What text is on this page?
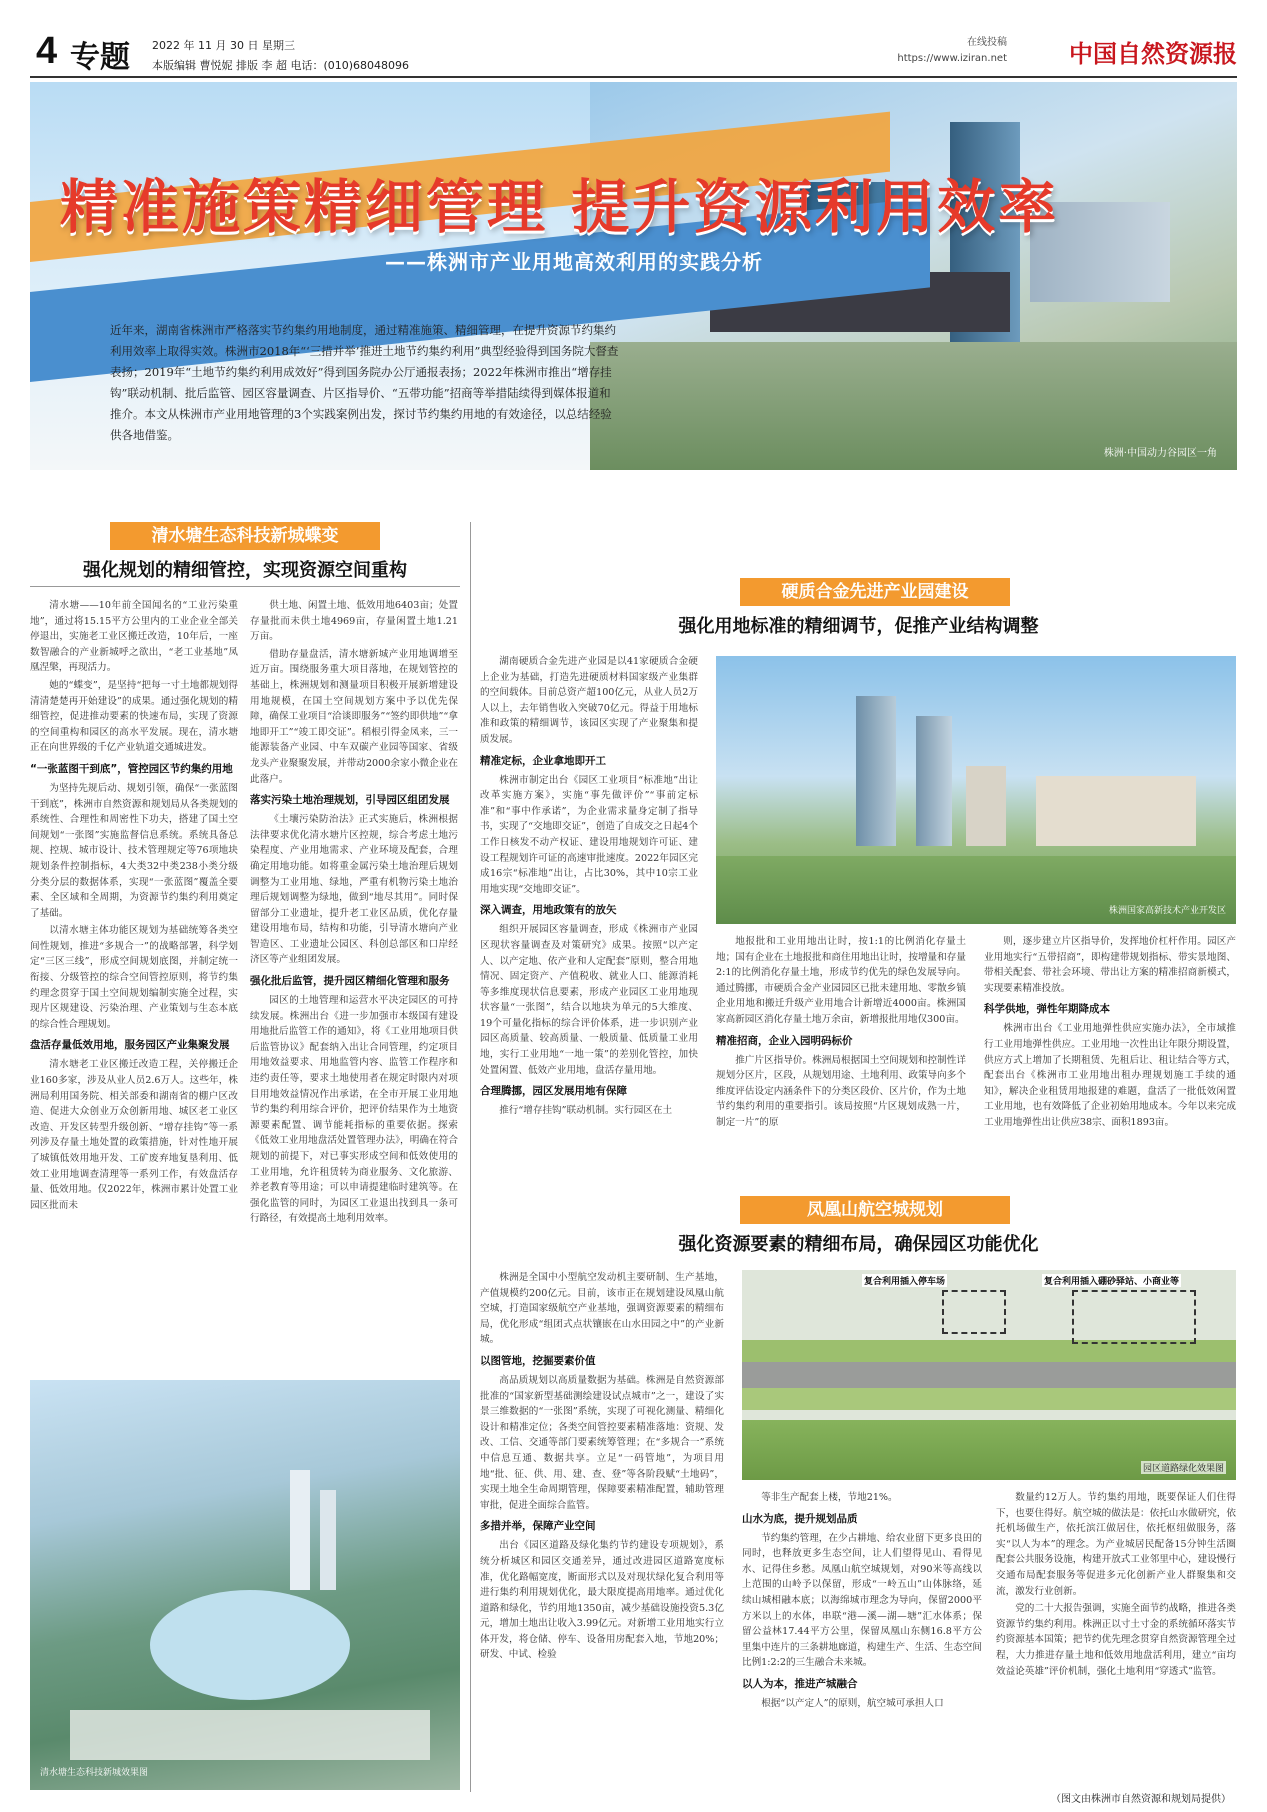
4 专题 2022 年 11 月 30 日 星期三
本版编辑 曹悦妮 排版 李 超 电话：(010)68048096
在线投稿
https://www.iziran.net	中国自然资源报
精准施策精细管理 提升资源利用效率
——株洲市产业用地高效利用的实践分析
株洲·中国动力谷园区一角
近年来，湖南省株洲市严格落实节约集约用地制度，通过精准施策、精细管理，在提升资源节约集约利用效率上取得实效。株洲市2018年“‘三措并举’推进土地节约集约利用”典型经验得到国务院大督查表扬；2019年“土地节约集约利用成效好”得到国务院办公厅通报表扬；2022年株洲市推出“增存挂钩”联动机制、批后监管、园区容量调查、片区指导价、“五带功能”招商等举措陆续得到媒体报道和推介。本文从株洲市产业用地管理的3个实践案例出发，探讨节约集约用地的有效途径，以总结经验供各地借鉴。
清水塘生态科技新城蝶变
强化规划的精细管控，实现资源空间重构

清水塘——10年前全国闻名的“工业污染重地”，通过将15.15平方公里内的工业企业全部关停退出，实施老工业区搬迁改造，10年后，一座数智融合的产业新城呼之欲出，“老工业基地”凤凰涅槃，再现活力。

她的“蝶变”，是坚持“把每一寸土地都规划得清清楚楚再开始建设”的成果。通过强化规划的精细管控，促进推动要素的快速布局，实现了资源的空间重构和园区的高水平发展。现在，清水塘正在向世界级的千亿产业轨道交通城进发。

“一张蓝图干到底”，管控园区节约集约用地

为坚持先规后动、规划引领，确保“一张蓝图干到底”，株洲市自然资源和规划局从各类规划的系统性、合理性和周密性下功夫，搭建了国土空间规划“一张图”实施监督信息系统。系统具备总规、控规、城市设计、技术管理规定等76项地块规划条件控制指标，4大类32中类238小类分级分类分层的数据体系，实现“一张蓝图”覆盖全要素、全区域和全周期，为资源节约集约利用奠定了基础。

以清水塘主体功能区规划为基础统筹各类空间性规划，推进“多规合一”的战略部署，科学划定“三区三线”，形成空间规划底图，并制定统一衔接、分级管控的综合空间管控原则，将节约集约理念贯穿于国土空间规划编制实施全过程，实现片区规建设、污染治理、产业策划与生态本底的综合性合理规划。

盘活存量低效用地，服务园区产业集聚发展

清水塘老工业区搬迁改造工程，关停搬迁企业160多家，涉及从业人员2.6万人。这些年，株洲局利用国务院、相关部委和湖南省的棚户区改造、促进大众创业万众创新用地、城区老工业区改造、开发区转型升级创新、“增存挂钩”等一系列涉及存量土地处置的政策措施，针对性地开展了城镇低效用地开发、工矿废弃地复垦利用、低效工业用地调查清理等一系列工作，有效盘活存量、低效用地。仅2022年，株洲市累计处置工业园区批而未

供土地、闲置土地、低效用地6403亩；处置存量批而未供土地4969亩，存量闲置土地1.21万亩。

借助存量盘活，清水塘新城产业用地调增至近万亩。围绕服务重大项目落地，在规划管控的基础上，株洲规划和测量项目积极开展新增建设用地规模，在国土空间规划方案中予以优先保障，确保工业项目“洽谈即服务”“签约即供地”“拿地即开工”“竣工即交证”。稻根引得金凤来，三一能源装备产业园、中车双碳产业园等国家、省级龙头产业聚聚发展，并带动2000余家小微企业在此落户。

落实污染土地治理规划，引导园区组团发展

《土壤污染防治法》正式实施后，株洲根据法律要求优化清水塘片区控规，综合考虑土地污染程度、产业用地需求、产业环境及配套，合理确定用地功能。如将重金属污染土地治理后规划调整为工业用地、绿地，严重有机物污染土地治理后规划调整为绿地，做到“地尽其用”。同时保留部分工业遗址，提升老工业区品质，优化存量建设用地布局，结构和功能，引导清水塘向产业智造区、工业遗址公园区、科创总部区和口岸经济区等产业组团发展。

强化批后监管，提升园区精细化管理和服务

园区的土地管理和运营水平决定园区的可持续发展。株洲出台《进一步加强市本级国有建设用地批后监管工作的通知》，将《工业用地项目供后监管协议》配套纳入出让合同管理，约定项目用地效益要求、用地监管内容、监管工作程序和违约责任等，要求土地使用者在规定时限内对项目用地效益情况作出承诺，在全市开展工业用地节约集约利用综合评价，把评价结果作为土地资源要素配置、调节能耗指标的重要依据。探索《低效工业用地盘活处置管理办法》，明确在符合规划的前提下，对已事实形成空间和低效使用的工业用地，允许租赁转为商业服务、文化旅游、养老教育等用途；可以申请提建临时建筑等。在强化监管的同时，为园区工业退出找到具一条可行路径，有效提高土地利用效率。

清水塘生态科技新城效果图
硬质合金先进产业园建设
强化用地标准的精细调节，促推产业结构调整

湖南硬质合金先进产业园是以41家硬质合金硬上企业为基础，打造先进硬质材料国家级产业集群的空间载体。目前总资产超100亿元，从业人员2万人以上，去年销售收入突破70亿元。得益于用地标准和政策的精细调节，该园区实现了产业聚集和提质发展。

精准定标，企业拿地即开工

株洲市制定出台《园区工业项目“标准地”出让改革实施方案》，实施“事先做评价”“事前定标准”和“事中作承诺”，为企业需求量身定制了指导书，实现了“交地即交证”，创造了自成交之日起4个工作日核发不动产权证、建设用地规划许可证、建设工程规划许可证的高速审批速度。2022年园区完成16宗“标准地”出让，占比30%，其中10宗工业用地实现“交地即交证”。

深入调查，用地政策有的放矢

组织开展园区容量调查，形成《株洲市产业园区现状容量调查及对策研究》成果。按照“以产定人、以产定地、依产业和人定配套”原则，整合用地情况、固定资产、产值税收、就业人口、能源消耗等多维度现状信息要素，形成产业园区工业用地现状容量“一张图”，结合以地块为单元的5大维度、19个可量化指标的综合评价体系，进一步识别产业园区高质量、较高质量、一般质量、低质量工业用地，实行工业用地“一地一策”的差别化管控，加快处置闲置、低效产业用地，盘活存量用地。

合理腾挪，园区发展用地有保障

推行“增存挂钩”联动机制。实行园区在土

株洲国家高新技术产业开发区

地报批和工业用地出让时，按1:1的比例消化存量土地；国有企业在土地报批和商住用地出让时，按增量和存量2:1的比例消化存量土地，形成节约优先的绿色发展导向。通过腾挪，市硬质合金产业园园区已批未建用地、零散乡镇企业用地和搬迁升级产业用地合计新增近4000亩。株洲国家高新园区消化存量土地万余亩，新增报批用地仅300亩。

精准招商，企业入园明码标价

推广片区指导价。株洲局根据国土空间规划和控制性详规划分区片，区段，从规划用途、土地利用、政策导向多个维度评估设定内涵条件下的分类区段价、区片价，作为土地节约集约利用的重要指引。该局按照“片区规划成熟一片，制定一片”的原

则，逐步建立片区指导价，发挥地价杠杆作用。园区产业用地实行“五带招商”，即构建带规划指标、带实景地图、带相关配套、带社会环境、带出让方案的精准招商新模式，实现要素精准投放。

科学供地，弹性年期降成本

株洲市出台《工业用地弹性供应实施办法》，全市域推行工业用地弹性供应。工业用地一次性出让年限分期设置，供应方式上增加了长期租赁、先租后让、租让结合等方式，配套出台《株洲市工业用地出租办理规划施工手续的通知》，解决企业租赁用地报建的难题，盘活了一批低效闲置工业用地，也有效降低了企业初始用地成本。今年以来完成工业用地弹性出让供应38宗、面积1893亩。

凤凰山航空城规划
强化资源要素的精细布局，确保园区功能优化

株洲是全国中小型航空发动机主要研制、生产基地，产值规模约200亿元。目前，该市正在规划建设凤凰山航空城，打造国家级航空产业基地，强调资源要素的精细布局，优化形成“组团式点状镶嵌在山水田园之中”的产业新城。

以图管地，挖掘要素价值

高品质规划以高质量数据为基础。株洲是自然资源部批准的“国家新型基础测绘建设试点城市”之一，建设了实景三维数据的“一张图”系统，实现了可视化测量、精细化设计和精准定位；各类空间管控要素精准落地：资规、发改、工信、交通等部门要素统筹管理；在“多规合一”系统中信息互通、数据共享。立足“一码管地”，为项目用地“批、征、供、用、建、查、登”等各阶段赋“土地码”，实现土地全生命周期管理，保障要素精准配置，辅助管理审批，促进全面综合监管。

多措并举，保障产业空间

出台《园区道路及绿化集约节约建设专项规划》，系统分析城区和园区交通差异，通过改进园区道路宽度标准，优化路幅宽度，断面形式以及对现状绿化复合利用等进行集约利用规划优化，最大限度提高用地率。通过优化道路和绿化，节约用地1350亩，减少基础设施投资5.3亿元，增加土地出让收入3.99亿元。对新增工业用地实行立体开发，将仓储、停车、设备用房配套入地，节地20%；研发、中试、检验

复合利用插入停车场	复合利用插入硼砂驿站、小商业等
园区道路绿化效果图

等非生产配套上楼，节地21%。

山水为底，提升规划品质

节约集约管理，在少占耕地、给农业留下更多良田的同时，也释放更多生态空间，让人们望得见山、看得见水、记得住乡愁。凤凰山航空城规划，对90米等高线以上范围的山岭予以保留，形成“一岭五山”山体脉络，延续山城相融本底；以海绵城市理念为导向，保留2000平方米以上的水体，串联“港—溪—湖—塘”汇水体系；保留公益林17.44平方公里，保留凤凰山东侧16.8平方公里集中连片的三条耕地廊道，构建生产、生活、生态空间比例1:2:2的三生融合未来城。

以人为本，推进产城融合

根据“以产定人”的原则，航空城可承担人口

数量约12万人。节约集约用地，既要保证人们住得下，也要住得好。航空城的做法是：依托山水做研究，依托机场做生产，依托滨江做居住，依托枢纽做服务，落实“以人为本”的理念。为产业城居民配备15分钟生活圈配套公共服务设施，构建开放式工业邻里中心，建设慢行交通布局配套服务等促进多元化创新产业人群聚集和交流，激发行业创新。

党的二十大报告强调，实施全面节约战略，推进各类资源节约集约利用。株洲正以寸土寸金的系统循环落实节约资源基本国策；把节约优先理念贯穿自然资源管理全过程，大力推进存量土地和低效用地盘活利用，建立“亩均效益论英雄”评价机制，强化土地利用“穿透式”监管。

（图文由株洲市自然资源和规划局提供）
